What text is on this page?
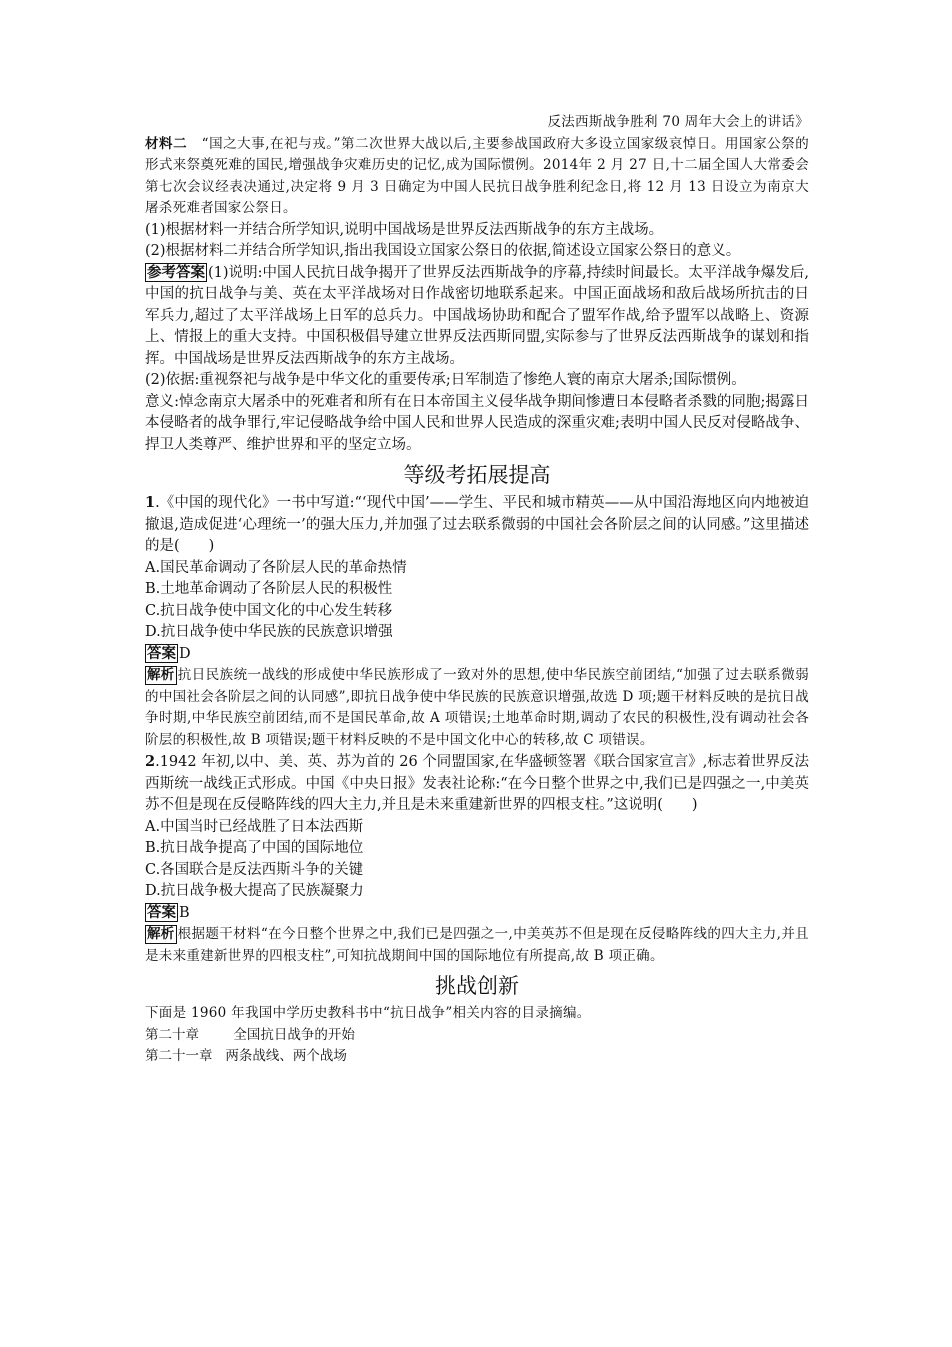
反法西斯战争胜利 70 周年大会上的讲话》

材料二 “国之大事,在祀与戎。”第二次世界大战以后,主要参战国政府大多设立国家级哀悼日。用国家公祭的形式来祭奠死难的国民,增强战争灾难历史的记忆,成为国际惯例。2014年 2 月 27 日,十二届全国人大常委会第七次会议经表决通过,决定将 9 月 3 日确定为中国人民抗日战争胜利纪念日,将 12 月 13 日设立为南京大屠杀死难者国家公祭日。

(1)根据材料一并结合所学知识,说明中国战场是世界反法西斯战争的东方主战场。

(2)根据材料二并结合所学知识,指出我国设立国家公祭日的依据,简述设立国家公祭日的意义。

参考答案 (1)说明:中国人民抗日战争揭开了世界反法西斯战争的序幕,持续时间最长。太平洋战争爆发后,中国的抗日战争与美、英在太平洋战场对日作战密切地联系起来。中国正面战场和敌后战场所抗击的日军兵力,超过了太平洋战场上日军的总兵力。中国战场协助和配合了盟军作战,给予盟军以战略上、资源上、情报上的重大支持。中国积极倡导建立世界反法西斯同盟,实际参与了世界反法西斯战争的谋划和指挥。中国战场是世界反法西斯战争的东方主战场。

(2)依据:重视祭祀与战争是中华文化的重要传承;日军制造了惨绝人寰的南京大屠杀;国际惯例。

意义:悼念南京大屠杀中的死难者和所有在日本帝国主义侵华战争期间惨遭日本侵略者杀戮的同胞;揭露日本侵略者的战争罪行,牢记侵略战争给中国人民和世界人民造成的深重灾难;表明中国人民反对侵略战争、捍卫人类尊严、维护世界和平的坚定立场。

等级考拓展提高

1.《中国的现代化》一书中写道:“‘现代中国’——学生、平民和城市精英——从中国沿海地区向内地被迫撤退,造成促进‘心理统一’的强大压力,并加强了过去联系微弱的中国社会各阶层之间的认同感。”这里描述的是(　　)

A.国民革命调动了各阶层人民的革命热情

B.土地革命调动了各阶层人民的积极性

C.抗日战争使中国文化的中心发生转移

D.抗日战争使中华民族的民族意识增强

答案 D

解析 抗日民族统一战线的形成使中华民族形成了一致对外的思想,使中华民族空前团结,“加强了过去联系微弱的中国社会各阶层之间的认同感”,即抗日战争使中华民族的民族意识增强,故选 D 项;题干材料反映的是抗日战争时期,中华民族空前团结,而不是国民革命,故 A 项错误;土地革命时期,调动了农民的积极性,没有调动社会各阶层的积极性,故 B 项错误;题干材料反映的不是中国文化中心的转移,故 C 项错误。

2.1942 年初,以中、美、英、苏为首的 26 个同盟国家,在华盛顿签署《联合国家宣言》,标志着世界反法西斯统一战线正式形成。中国《中央日报》发表社论称:“在今日整个世界之中,我们已是四强之一,中美英苏不但是现在反侵略阵线的四大主力,并且是未来重建新世界的四根支柱。”这说明(　　)

A.中国当时已经战胜了日本法西斯

B.抗日战争提高了中国的国际地位

C.各国联合是反法西斯斗争的关键

D.抗日战争极大提高了民族凝聚力

答案 B

解析 根据题干材料“在今日整个世界之中,我们已是四强之一,中美英苏不但是现在反侵略阵线的四大主力,并且是未来重建新世界的四根支柱”,可知抗战期间中国的国际地位有所提高,故 B 项正确。

挑战创新

下面是 1960 年我国中学历史教科书中“抗日战争”相关内容的目录摘编。

第二十章	全国抗日战争的开始

第二十一章 两条战线、两个战场
